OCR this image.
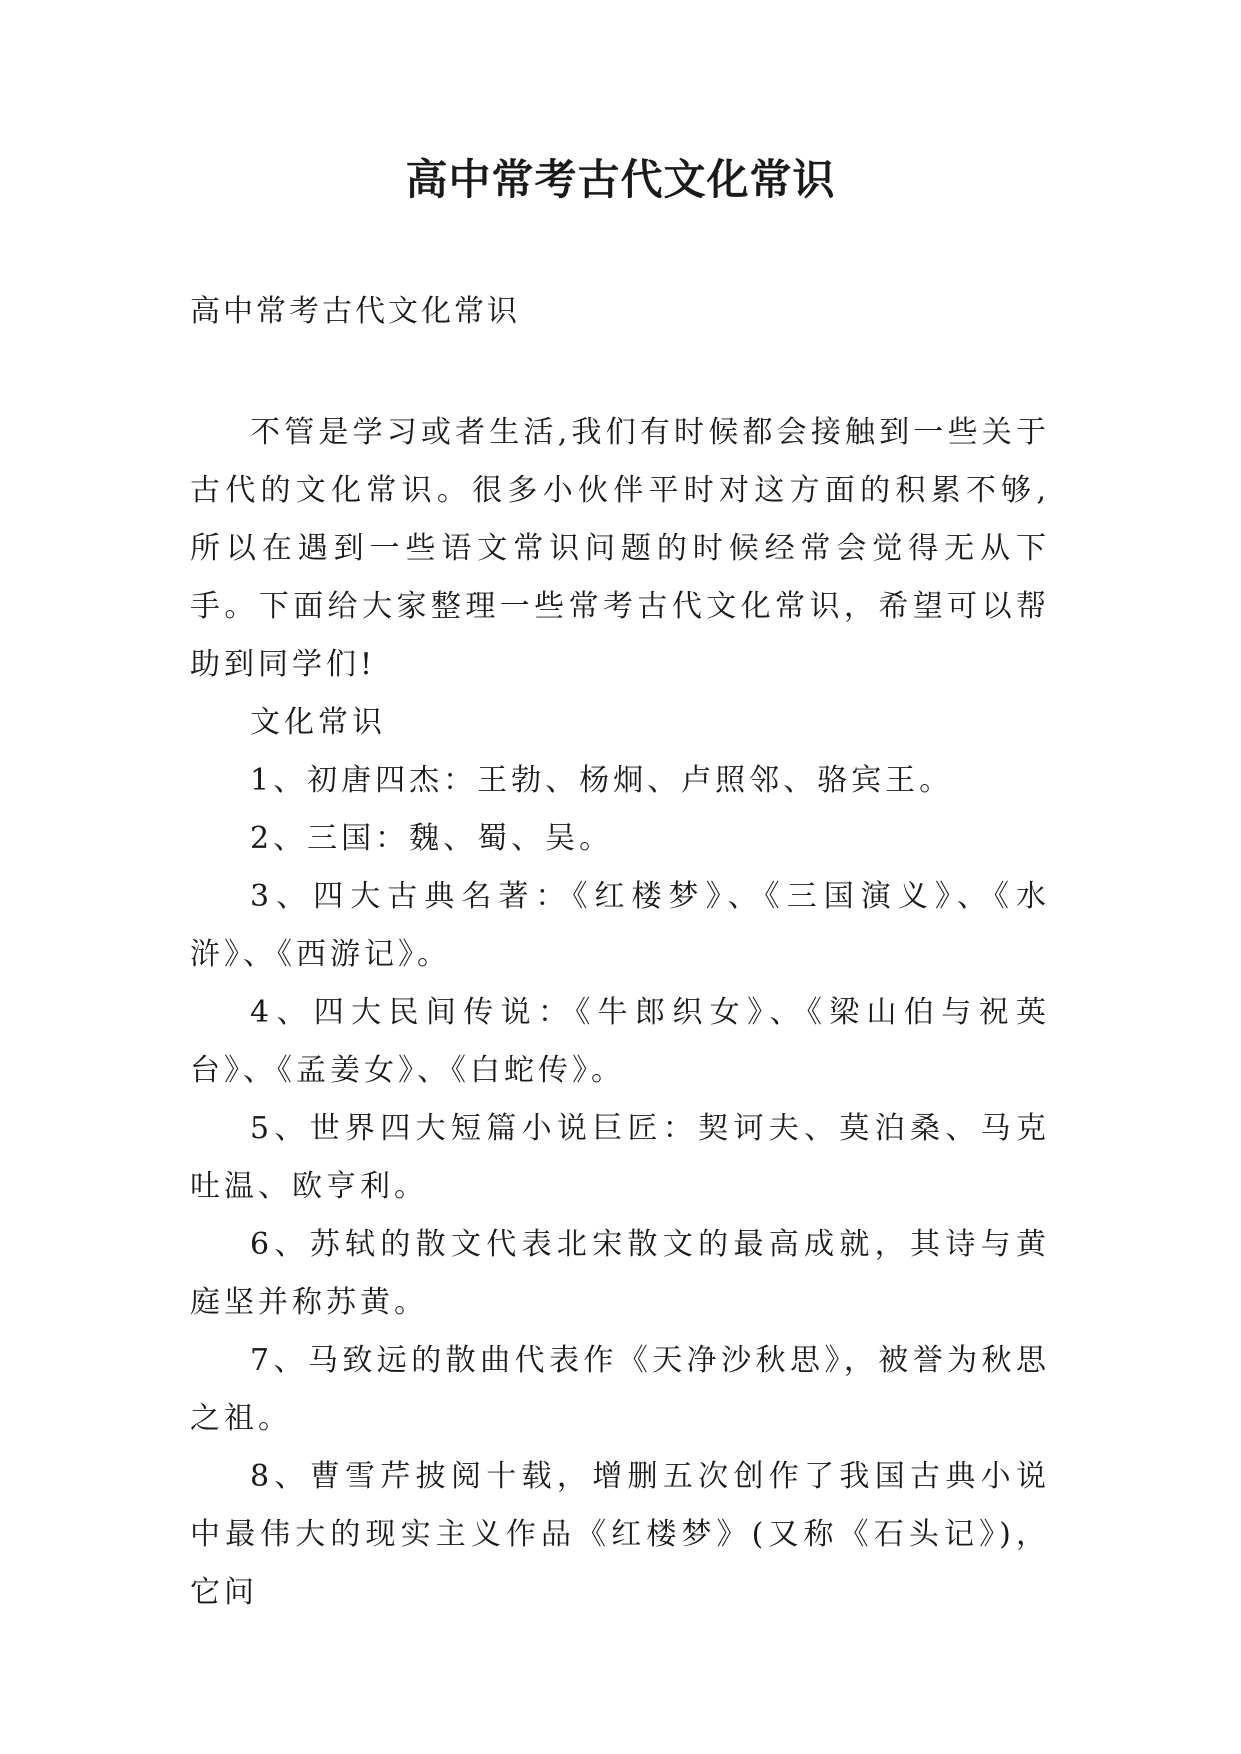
高中常考古代文化常识
高中常考古代文化常识

不管是学习或者生活,我们有时候都会接触到一些关于古代的文化常识。很多小伙伴平时对这方面的积累不够,所以在遇到一些语文常识问题的时候经常会觉得无从下手。下面给大家整理一些常考古代文化常识，希望可以帮助到同学们!

文化常识

1、初唐四杰：王勃、杨炯、卢照邻、骆宾王。

2、三国：魏、蜀、吴。

3、四大古典名著：《红楼梦》、《三国演义》、《水浒》、《西游记》。

4、四大民间传说：《牛郎织女》、《梁山伯与祝英台》、《孟姜女》、《白蛇传》。

5、世界四大短篇小说巨匠：契诃夫、莫泊桑、马克吐温、欧亨利。

6、苏轼的散文代表北宋散文的最高成就，其诗与黄庭坚并称苏黄。

7、马致远的散曲代表作《天净沙秋思》，被誉为秋思之祖。

8、曹雪芹披阅十载，增删五次创作了我国古典小说中最伟大的现实主义作品《红楼梦》(又称《石头记》)，它问
